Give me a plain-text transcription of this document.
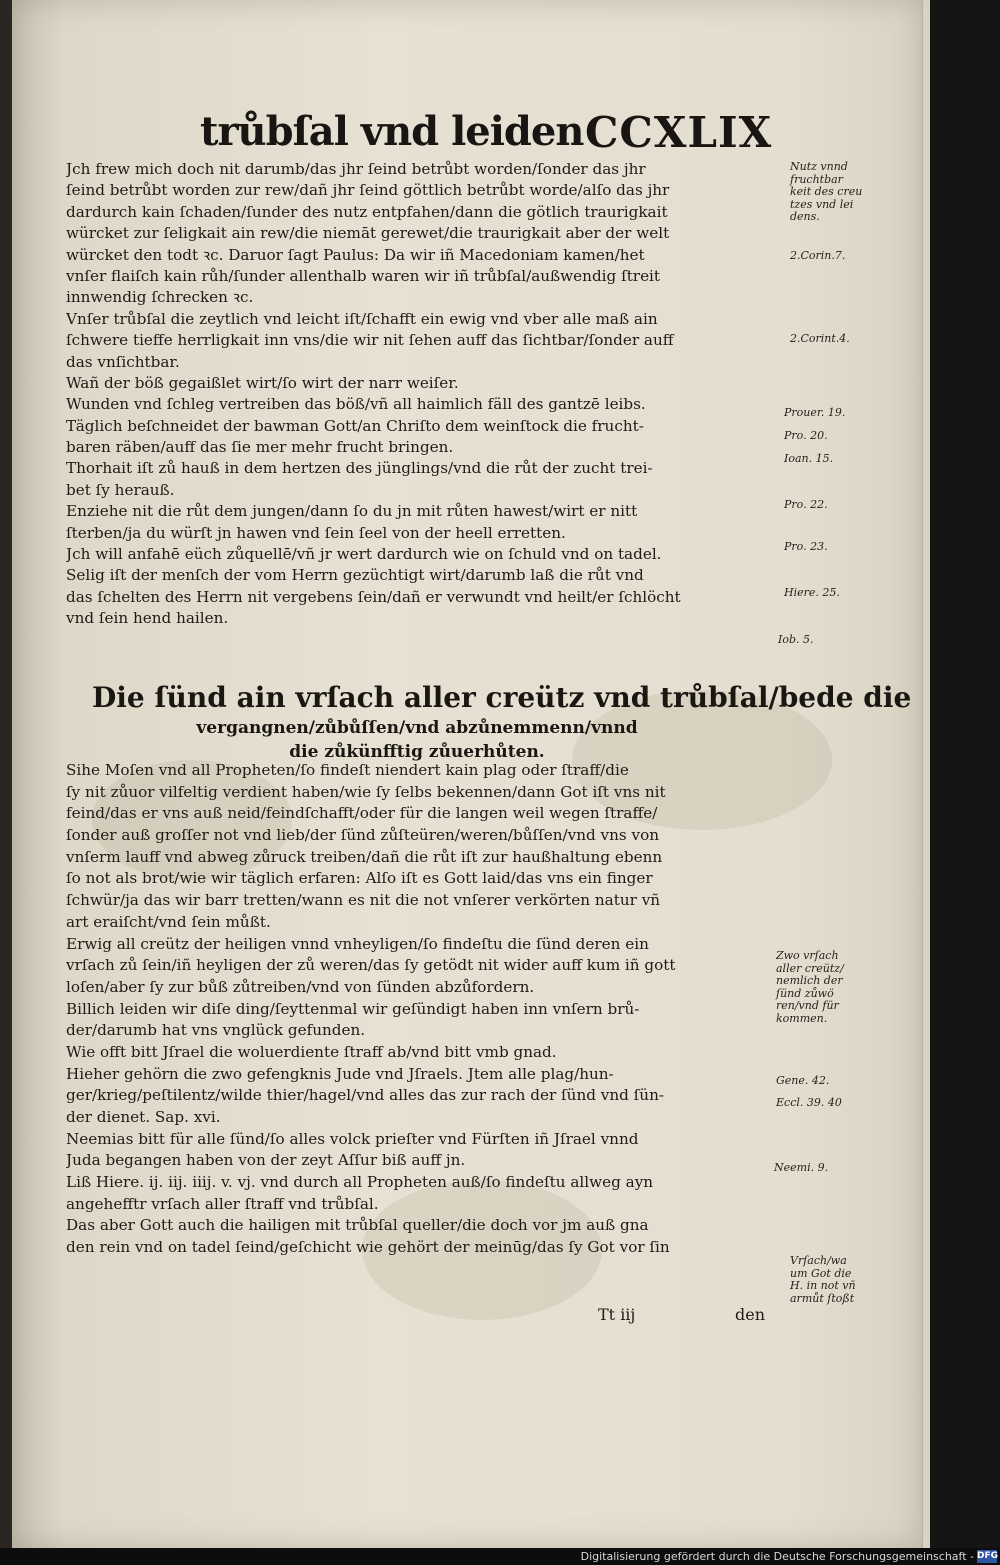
trůbſal vnd leiden CCXLIX
Jch frew mich doch nit darumb/das jhr ſeind betrůbt worden/ſonder das jhr
ſeind betrůbt worden zur rew/dañ jhr ſeind göttlich betrůbt worde/alſo das jhr
dardurch kain ſchaden/ſunder des nutz entpfahen/dann die götlich traurigkait
würcket zur ſeligkait ain rew/die niemāt gerewet/die traurigkait aber der welt
würcket den todt ꝛc. Daruor ſagt Paulus: Da wir iñ Macedoniam kamen/het
vnſer flaiſch kain růh/ſunder allenthalb waren wir iñ trůbſal/außwendig ſtreit
innwendig ſchrecken ꝛc.
Vnſer trůbſal die zeytlich vnd leicht iſt/ſchafft ein ewig vnd vber alle maß ain
ſchwere tieffe herrligkait inn vns/die wir nit ſehen auff das ſichtbar/ſonder auff
das vnſichtbar.
Wañ der böß gegaißlet wirt/ſo wirt der narr weiſer.
Wunden vnd ſchleg vertreiben das böß/vñ all haimlich fäll des gantzē leibs.
Täglich beſchneidet der bawman Gott/an Chriſto dem weinſtock die frucht-
baren räben/auff das ſie mer mehr frucht bringen.
Thorhait iſt zů hauß in dem hertzen des jünglings/vnd die růt der zucht trei-
bet ſy herauß.
Enziehe nit die růt dem jungen/dann ſo du jn mit růten hawest/wirt er nitt
ſterben/ja du würſt jn hawen vnd ſein ſeel von der heell erretten.
Jch will anfahē eüch zůquellē/vñ jr wert dardurch wie on ſchuld vnd on tadel.
Selig iſt der menſch der vom Herrn gezüchtigt wirt/darumb laß die růt vnd
das ſchelten des Herrn nit vergebens ſein/dañ er verwundt vnd heilt/er ſchlöcht
vnd ſein hend hailen.
Die ſünd ain vrſach aller creütz vnd trůbſal/bede die
vergangnen/zůbůſſen/vnd abzůnemmenn/vnnd
die zůkünfftig zůuerhůten.
Sihe Moſen vnd all Propheten/ſo findeſt niendert kain plag oder ſtraff/die
ſy nit zůuor vilfeltig verdient haben/wie ſy ſelbs bekennen/dann Got iſt vns nit
feind/das er vns auß neid/feindſchafft/oder für die langen weil wegen ſtraffe/
ſonder auß groſſer not vnd lieb/der ſünd zůſteüren/weren/bůſſen/vnd vns von
vnſerm lauff vnd abweg zůruck treiben/dañ die růt iſt zur haußhaltung ebenn
ſo not als brot/wie wir täglich erfaren: Alſo iſt es Gott laid/das vns ein finger
ſchwür/ja das wir barr tretten/wann es nit die not vnſerer verkörten natur vñ
art eraiſcht/vnd ſein můßt.
Erwig all creütz der heiligen vnnd vnheyligen/ſo findeſtu die ſünd deren ein
vrſach zů ſein/iñ heyligen der zů weren/das ſy getödt nit wider auff kum iñ gott
loſen/aber ſy zur bůß zůtreiben/vnd von ſünden abzůfordern.
Billich leiden wir diſe ding/ſeyttenmal wir geſündigt haben inn vnſern brů-
der/darumb hat vns vnglück gefunden.
Wie offt bitt Jſrael die woluerdiente ſtraff ab/vnd bitt vmb gnad.
Hieher gehörn die zwo gefengknis Jude vnd Jſraels. Jtem alle plag/hun-
ger/krieg/peſtilentz/wilde thier/hagel/vnd alles das zur rach der ſünd vnd ſün-
der dienet. Sap. xvi.
Neemias bitt für alle ſünd/ſo alles volck prieſter vnd Fürſten iñ Jſrael vnnd
Juda begangen haben von der zeyt Aſſur biß auff jn.
Liß Hiere. ij. iij. iiij. v. vj. vnd durch all Propheten auß/ſo findeſtu allweg ayn
angehefftr vrſach aller ſtraff vnd trůbſal.
Das aber Gott auch die hailigen mit trůbſal queller/die doch vor jm auß gna
den rein vnd on tadel ſeind/geſchicht wie gehört der meinūg/das ſy Got vor ſin
Nutz vnnd
fruchtbar
keit des creu
tzes vnd lei
dens.
2.Corin.7.
2.Corint.4.
Prouer. 19.
Pro. 20.
Ioan. 15.
Pro. 22.
Pro. 23.
Hiere. 25.
Iob. 5.
Zwo vrſach
aller creütz/
nemlich der
ſünd zůwö
ren/vnd für
kommen.
Gene. 42.
Eccl. 39. 40
Neemi. 9.
Vrſach/wa
um Got die
H. in not vñ
armůt ſtoßt
Tt iij	den
Digitalisierung gefördert durch die Deutsche Forschungsgemeinschaft - DFG
